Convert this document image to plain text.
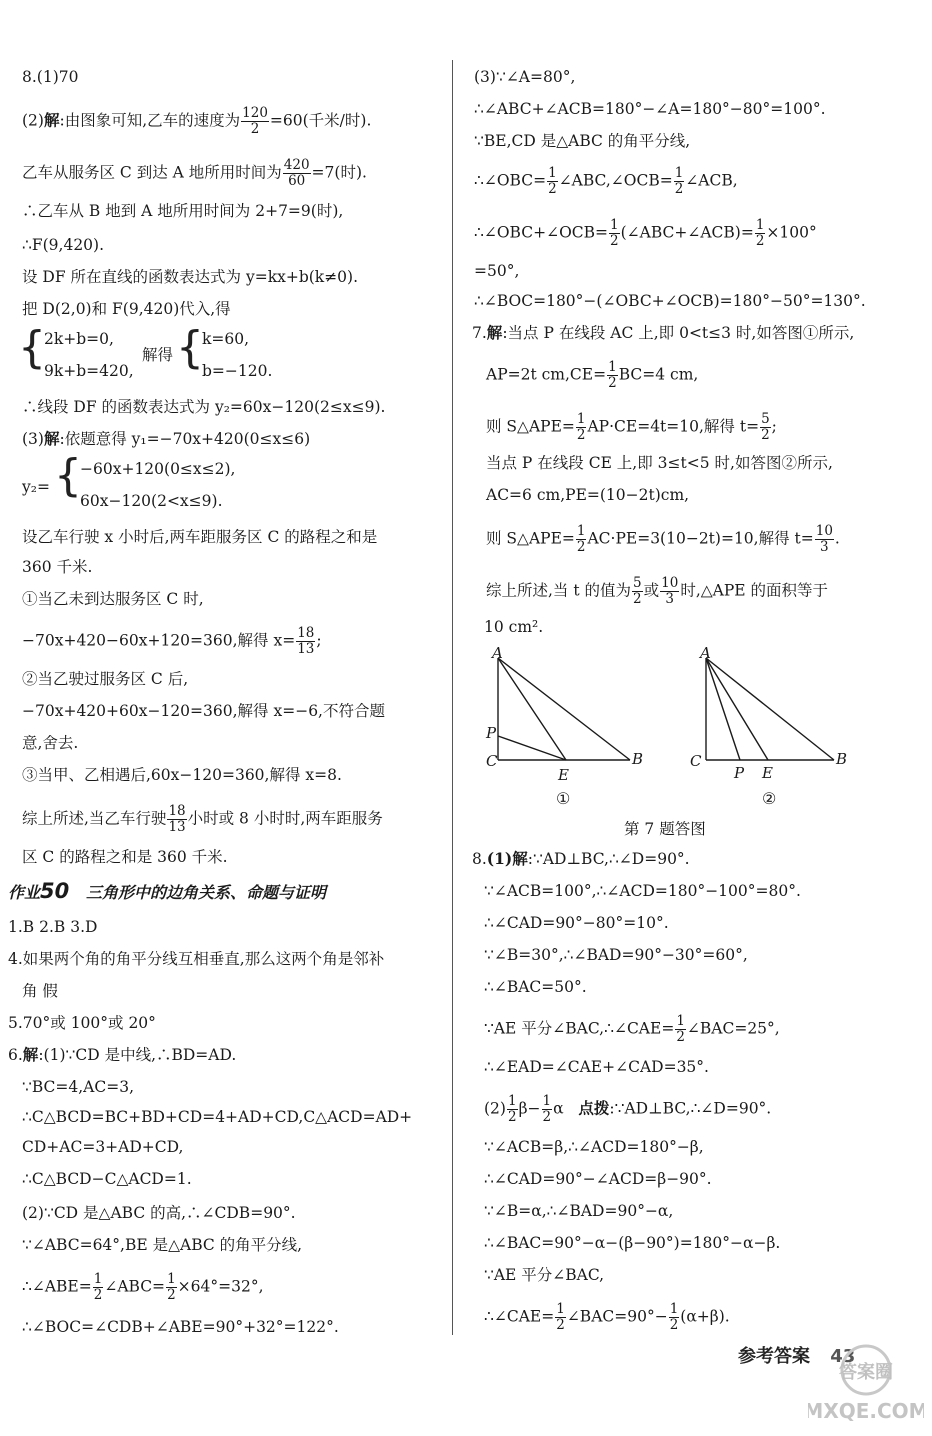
8.(1)70
(2)解:由图象可知,乙车的速度为 $\frac{120}{2} =60$(千米/时).
乙车从服务区 C 到达 A 地所用时间为 $\frac{420}{60} =7$(时).
∴乙车从 B 地到 A 地所用时间为 2+7=9(时),
∴F(9,420).
设 DF 所在直线的函数表达式为 y=kx+b(k≠0).
把 D(2,0)和 F(9,420)代入,得
{
2k+b=0,
9k+b=420,
解得 {
k=60,
b=−120.
∴线段 DF 的函数表达式为 y₂=60x−120(2≤x≤9).
(3)解:依题意得 y₁=−70x+420(0≤x≤6)
y₂= {
−60x+120(0≤x≤2),
60x−120(2<x≤9).
设乙车行驶 x 小时后,两车距服务区 C 的路程之和是
360 千米.
①当乙未到达服务区 C 时,
−70x+420−60x+120=360,解得 $x= \frac{18}{13}$ ;
②当乙驶过服务区 C 后,
−70x+420+60x−120=360,解得 x=−6,不符合题
意,舍去.
③当甲、乙相遇后,60x−120=360,解得 x=8.
综上所述,当乙车行驶 $\frac{18}{13}$ 小时或 8 小时时,两车距服务
区 C 的路程之和是 360 千米.
作业50 三角形中的边角关系、命题与证明
1.B 2.B 3.D
4.如果两个角的角平分线互相垂直,那么这两个角是邻补
角 假
5.70°或 100°或 20°
6.解:(1)∵CD 是中线,∴BD=AD.
∵BC=4,AC=3,
∴C△BCD=BC+BD+CD=4+AD+CD,C△ACD=AD+
CD+AC=3+AD+CD,
∴C△BCD−C△ACD=1.
(2)∵CD 是△ABC 的高,∴∠CDB=90°.
∵∠ABC=64°,BE 是△ABC 的角平分线,
∴∠ABE= $\frac{1}{2}$ ∠ABC= $\frac{1}{2} \times 64^\circ=32^\circ$,
∴∠BOC=∠CDB+∠ABE=90°+32°=122°.
(3)∵∠A=80°,
∴∠ABC+∠ACB=180°−∠A=180°−80°=100°.
∵BE,CD 是△ABC 的角平分线,
∴∠OBC= $\frac{1}{2}$ ∠ABC,∠OCB= $\frac{1}{2}$ ∠ACB,
∴∠OBC+∠OCB= $\frac{1}{2}$ (∠ABC+∠ACB)= $\frac{1}{2} \times 100^\circ$
=50°,
∴∠BOC=180°−(∠OBC+∠OCB)=180°−50°=130°.
7.解:当点 P 在线段 AC 上,即 0<t≤3 时,如答图①所示,
AP=2t $cm,CE= \frac{1}{2} BC=4$ cm,
则 S△APE= $\frac{1}{2} AP\cdot CE=4t=10$,解得 $t= \frac{5}{2}$ ;
当点 P 在线段 CE 上,即 3≤t<5 时,如答图②所示,
AC=6 cm,PE=(10−2t)cm,
则 S△APE= $\frac{1}{2} AC\cdot PE=3(10-2t)=10$,解得 $t= \frac{10}{3}$ .
综上所述,当 t 的值为 $\frac{5}{2}$ 或 $\frac{10}{3}$ 时,△APE 的面积等于
10 cm².
A
P
C
E
B
A
C
P E
B
①	②
第 7 题答图
8.(1)解:∵AD⊥BC,∴∠D=90°.
∵∠ACB=100°,∴∠ACD=180°−100°=80°.
∴∠CAD=90°−80°=10°.
∵∠B=30°,∴∠BAD=90°−30°=60°,
∴∠BAC=50°.
∵AE 平分∠BAC,∴∠CAE= $\frac{1}{2}$ ∠BAC=25°,
∴∠EAD=∠CAE+∠CAD=35°.
$(2) \frac{1}{2} \beta- \frac{1}{2}$ α 点拨:∵AD⊥BC,∴∠D=90°.
∵∠ACB=β,∴∠ACD=180°−β,
∴∠CAD=90°−∠ACD=β−90°.
∵∠B=α,∴∠BAD=90°−α,
∴∠BAC=90°−α−(β−90°)=180°−α−β.
∵AE 平分∠BAC,
∴∠CAE= $\frac{1}{2}$ ∠BAC=90°− $\frac{1}{2} (\alpha+\beta)$.
参考答案 43
答案圈
MXQE.COM
